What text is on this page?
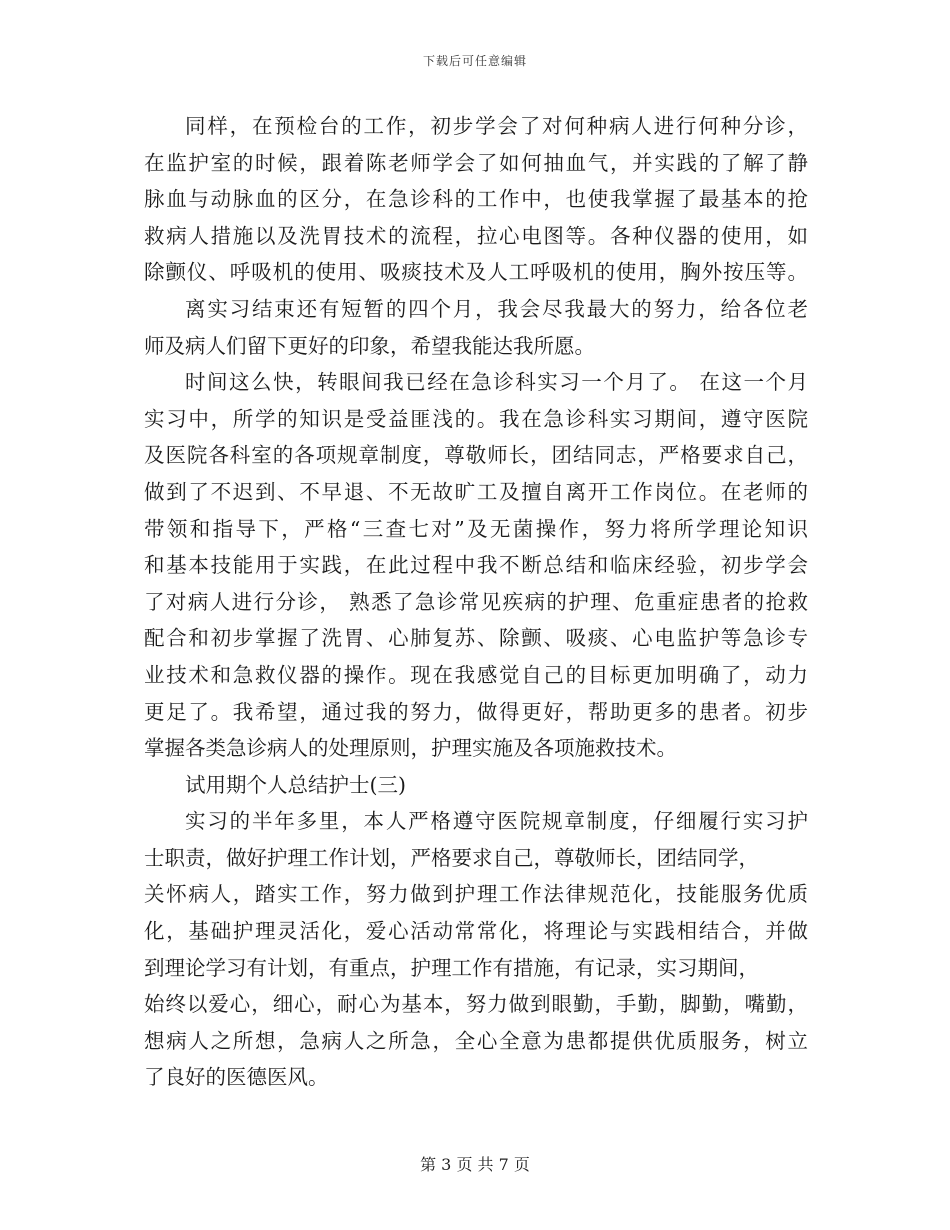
下载后可任意编辑
同样，在预检台的工作，初步学会了对何种病人进行何种分诊，
在监护室的时候，跟着陈老师学会了如何抽血气，并实践的了解了静
脉血与动脉血的区分，在急诊科的工作中，也使我掌握了最基本的抢
救病人措施以及洗胃技术的流程，拉心电图等。各种仪器的使用，如
除颤仪、呼吸机的使用、吸痰技术及人工呼吸机的使用，胸外按压等。
离实习结束还有短暂的四个月，我会尽我最大的努力，给各位老
师及病人们留下更好的印象，希望我能达我所愿。
时间这么快，转眼间我已经在急诊科实习一个月了。 在这一个月
实习中，所学的知识是受益匪浅的。我在急诊科实习期间，遵守医院
及医院各科室的各项规章制度，尊敬师长，团结同志，严格要求自己，
做到了不迟到、不早退、不无故旷工及擅自离开工作岗位。在老师的
带领和指导下，严格“三查七对”及无菌操作，努力将所学理论知识
和基本技能用于实践，在此过程中我不断总结和临床经验，初步学会
了对病人进行分诊， 熟悉了急诊常见疾病的护理、危重症患者的抢救
配合和初步掌握了洗胃、心肺复苏、除颤、吸痰、心电监护等急诊专
业技术和急救仪器的操作。现在我感觉自己的目标更加明确了，动力
更足了。我希望，通过我的努力，做得更好，帮助更多的患者。初步
掌握各类急诊病人的处理原则，护理实施及各项施救技术。
试用期个人总结护士(三)
实习的半年多里，本人严格遵守医院规章制度，仔细履行实习护
士职责，做好护理工作计划，严格要求自己，尊敬师长，团结同学，
关怀病人，踏实工作，努力做到护理工作法律规范化，技能服务优质
化，基础护理灵活化，爱心活动常常化，将理论与实践相结合，并做
到理论学习有计划，有重点，护理工作有措施，有记录，实习期间，
始终以爱心，细心，耐心为基本，努力做到眼勤，手勤，脚勤，嘴勤，
想病人之所想，急病人之所急，全心全意为患都提供优质服务，树立
了良好的医德医风。
第 3 页 共 7 页
